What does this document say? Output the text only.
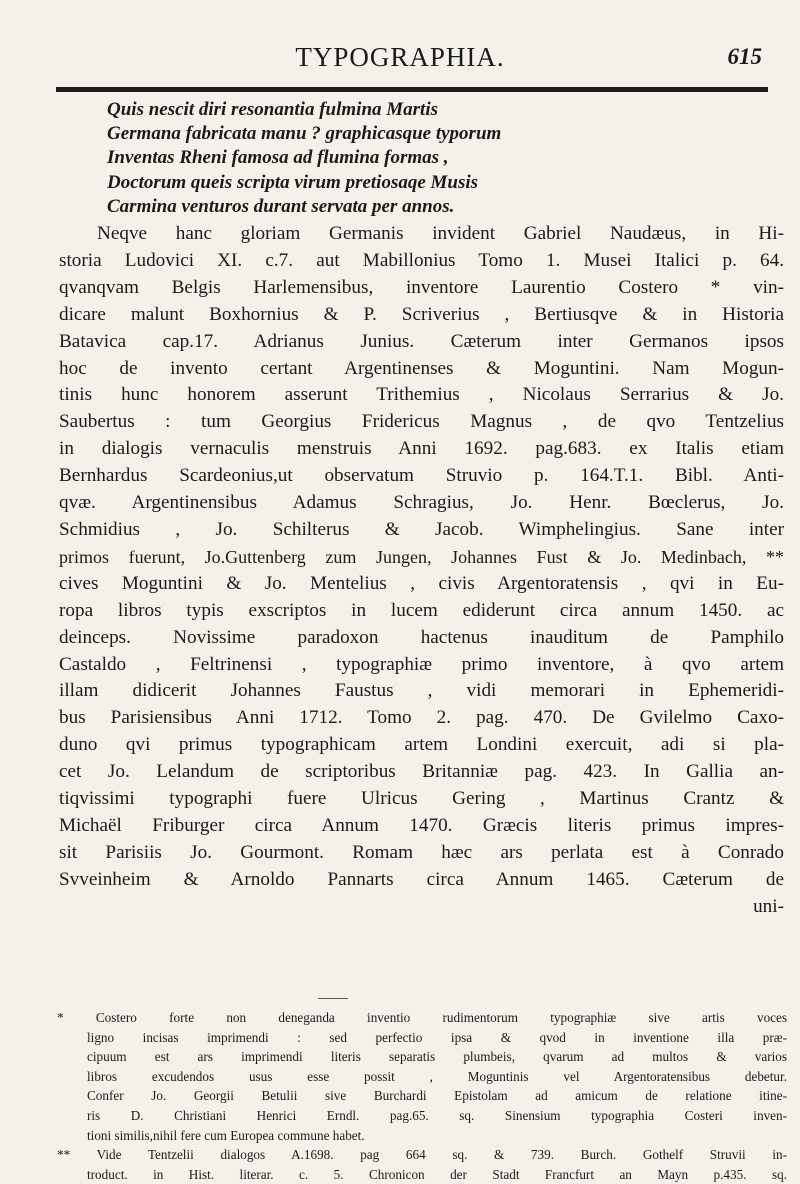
TYPOGRAPHIA.	615
Quis nescit diri resonantia fulmina Martis
Germana fabricata manu ? graphicasque typorum
Inventas Rheni famosa ad flumina formas ,
Doctorum queis scripta virum pretiosaqe Musis
Carmina venturos durant servata per annos.
Neqve hanc gloriam Germanis invident Gabriel Naudæus, in Hi-
storia Ludovici XI. c.7. aut Mabillonius Tomo 1. Musei Italici p. 64.
qvanqvam Belgis Harlemensibus, inventore Laurentio Costero * vin-
dicare malunt Boxhornius & P. Scriverius , Bertiusqve & in Historia
Batavica cap.17. Adrianus Junius. Cæterum inter Germanos ipsos
hoc de invento certant Argentinenses & Moguntini. Nam Mogun-
tinis hunc honorem asserunt Trithemius , Nicolaus Serrarius & Jo.
Saubertus : tum Georgius Fridericus Magnus , de qvo Tentzelius
in dialogis vernaculis menstruis Anni 1692. pag.683. ex Italis etiam
Bernhardus Scardeonius,ut observatum Struvio p. 164.T.1. Bibl. Anti-
qvæ. Argentinensibus Adamus Schragius, Jo. Henr. Bœclerus, Jo.
Schmidius , Jo. Schilterus & Jacob. Wimphelingius. Sane inter
primos fuerunt, Jo.Guttenberg zum Jungen, Johannes Fust & Jo. Medinbach, **
cives Moguntini & Jo. Mentelius , civis Argentoratensis , qvi in Eu-
ropa libros typis exscriptos in lucem ediderunt circa annum 1450. ac
deinceps. Novissime paradoxon hactenus inauditum de Pamphilo
Castaldo , Feltrinensi , typographiæ primo inventore, à qvo artem
illam didicerit Johannes Faustus , vidi memorari in Ephemeridi-
bus Parisiensibus Anni 1712. Tomo 2. pag. 470. De Gvilelmo Caxo-
duno qvi primus typographicam artem Londini exercuit, adi si pla-
cet Jo. Lelandum de scriptoribus Britanniæ pag. 423. In Gallia an-
tiqvissimi typographi fuere Ulricus Gering , Martinus Crantz &
Michaël Friburger circa Annum 1470. Græcis literis primus impres-
sit Parisiis Jo. Gourmont. Romam hæc ars perlata est à Conrado
Svveinheim & Arnoldo Pannarts circa Annum 1465. Cæterum de
uni-
* Costero forte non deneganda inventio rudimentorum typographiæ sive artis voces
ligno incisas imprimendi : sed perfectio ipsa & qvod in inventione illa præ-
cipuum est ars imprimendi literis separatis plumbeis, qvarum ad multos & varios
libros excudendos usus esse possit , Moguntinis vel Argentoratensibus debetur.
Confer Jo. Georgii Betulii sive Burchardi Epistolam ad amicum de relatione itine-
ris D. Christiani Henrici Erndl. pag.65. sq. Sinensium typographia Costeri inven-
tioni similis,nihil fere cum Europea commune habet.
** Vide Tentzelii dialogos A.1698. pag 664 sq. & 739. Burch. Gothelf Struvii in-
troduct. in Hist. literar. c. 5. Chronicon der Stadt Francfurt an Mayn p.435. sq.
